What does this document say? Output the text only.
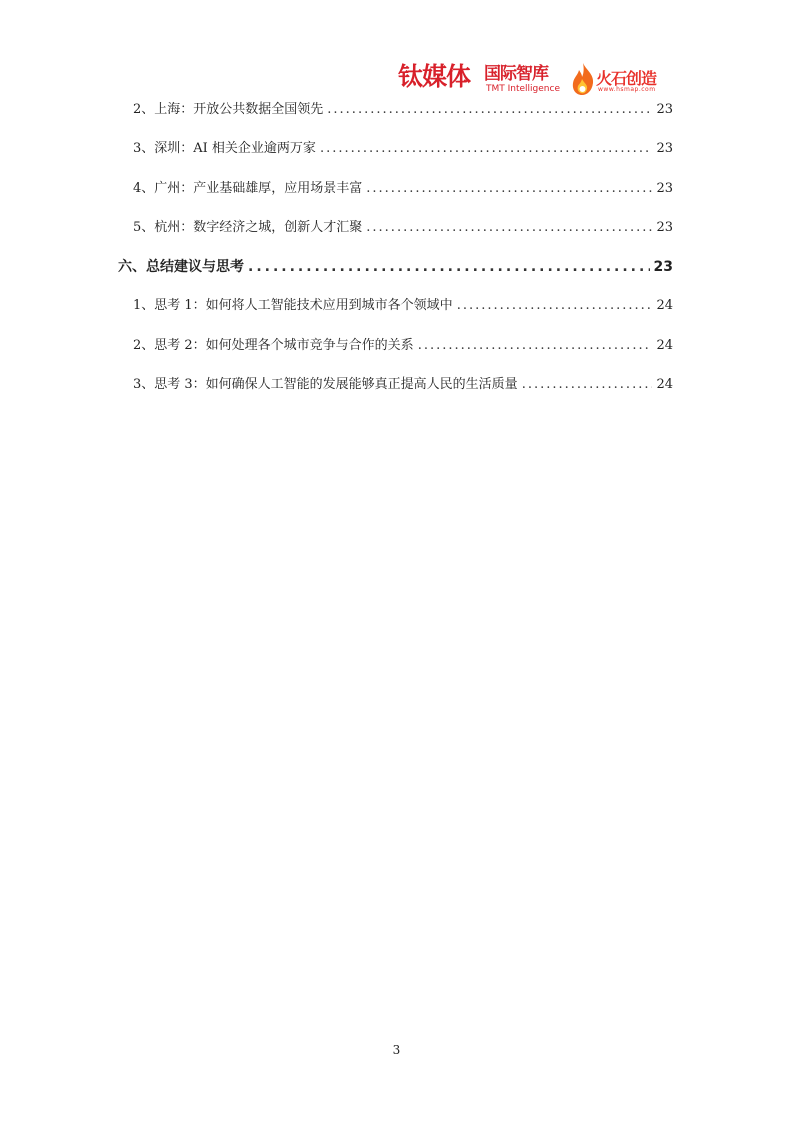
钛媒体 国际智库
TMT Intelligence
火石创造
www.hsmap.com
2、上海：开放公共数据全国领先 .....	23
3、深圳：AI 相关企业逾两万家 .....	23
4、广州：产业基础雄厚，应用场景丰富 .....	23
5、杭州：数字经济之城，创新人才汇聚 .....	23
六、总结建议与思考 .....	23
1、思考 1：如何将人工智能技术应用到城市各个领域中 .....	24
2、思考 2：如何处理各个城市竞争与合作的关系 .....	24
3、思考 3：如何确保人工智能的发展能够真正提高人民的生活质量 .....	24
3
